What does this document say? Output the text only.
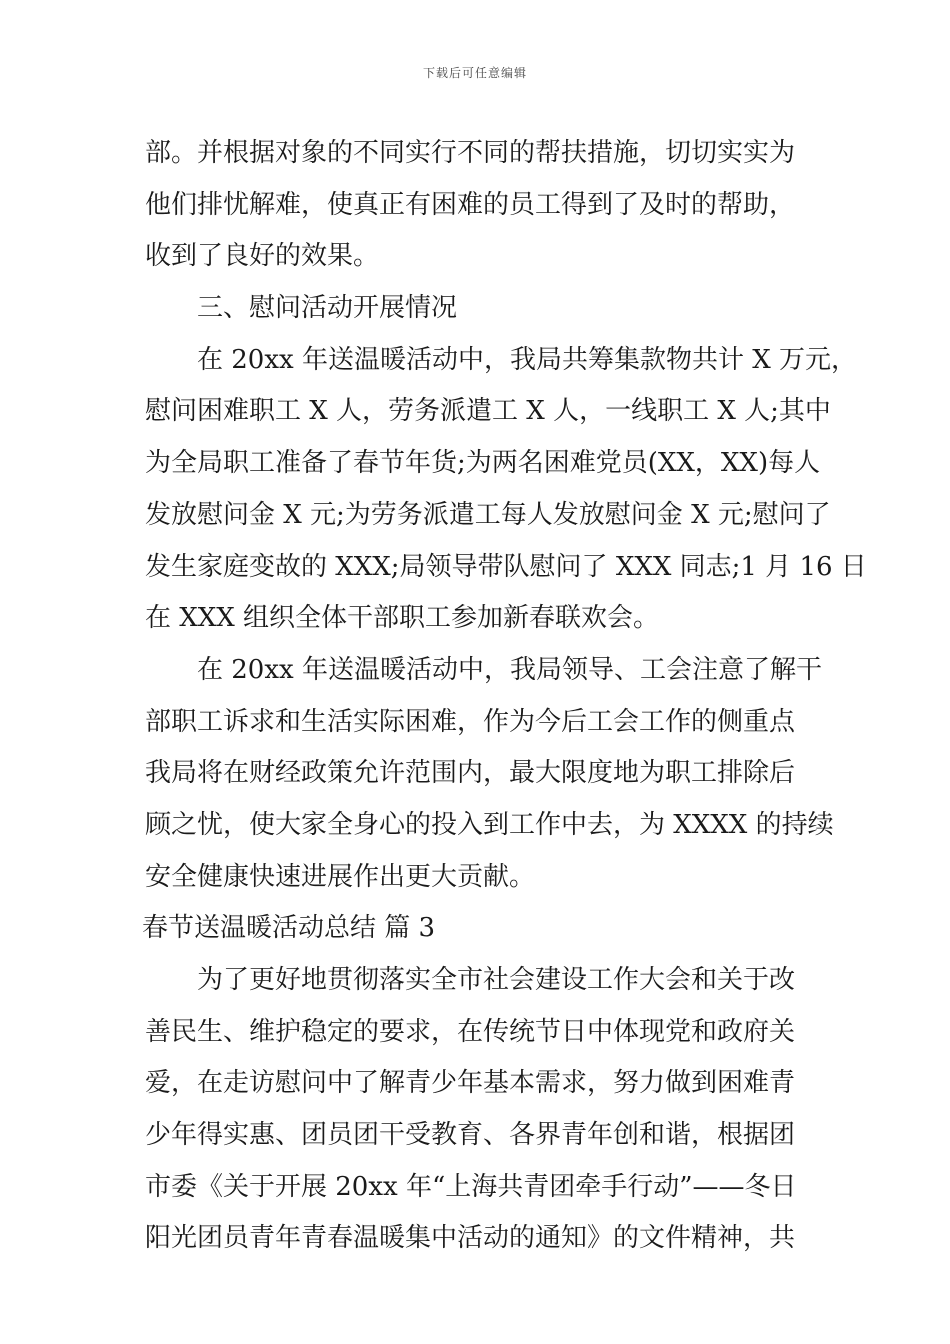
下载后可任意编辑
部。并根据对象的不同实行不同的帮扶措施，切切实实为
他们排忧解难，使真正有困难的员工得到了及时的帮助，
收到了良好的效果。
三、慰问活动开展情况
在 20xx 年送温暖活动中，我局共筹集款物共计 X 万元，
慰问困难职工 X 人，劳务派遣工 X 人，一线职工 X 人;其中
为全局职工准备了春节年货;为两名困难党员(XX，XX)每人
发放慰问金 X 元;为劳务派遣工每人发放慰问金 X 元;慰问了
发生家庭变故的 XXX;局领导带队慰问了 XXX 同志;1 月 16 日
在 XXX 组织全体干部职工参加新春联欢会。
在 20xx 年送温暖活动中，我局领导、工会注意了解干
部职工诉求和生活实际困难，作为今后工会工作的侧重点
我局将在财经政策允许范围内，最大限度地为职工排除后
顾之忧，使大家全身心的投入到工作中去，为 XXXX 的持续
安全健康快速进展作出更大贡献。
春节送温暖活动总结 篇 3
为了更好地贯彻落实全市社会建设工作大会和关于改
善民生、维护稳定的要求，在传统节日中体现党和政府关
爱，在走访慰问中了解青少年基本需求，努力做到困难青
少年得实惠、团员团干受教育、各界青年创和谐，根据团
市委《关于开展 20xx 年“上海共青团牵手行动”——冬日
阳光团员青年青春温暖集中活动的通知》的文件精神，共
